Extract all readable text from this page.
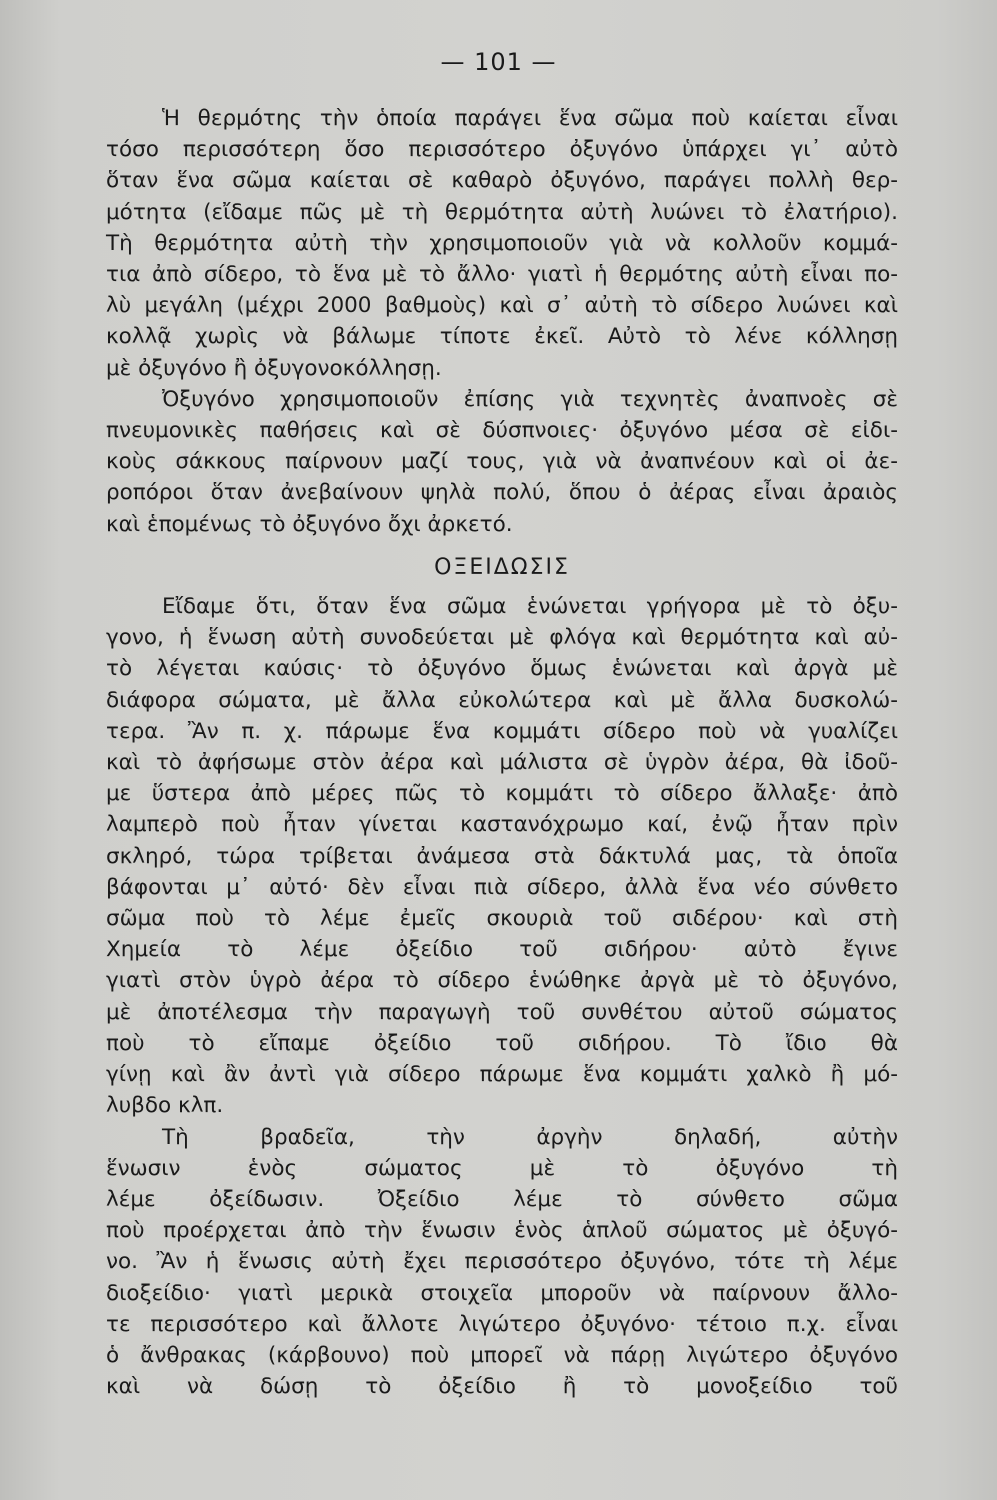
— 101 —

Ἡ θερμότης τὴν ὁποία παράγει ἕνα σῶμα ποὺ καίεται εἶναι
τόσο περισσότερη ὅσο περισσότερο ὀξυγόνο ὑπάρχει γι᾽ αὐτὸ
ὅταν ἕνα σῶμα καίεται σὲ καθαρὸ ὀξυγόνο, παράγει πολλὴ θερ-
μότητα (εἴδαμε πῶς μὲ τὴ θερμότητα αὐτὴ λυώνει τὸ ἐλατήριο).
Τὴ θερμότητα αὐτὴ τὴν χρησιμοποιοῦν γιὰ νὰ κολλοῦν κομμά-
τια ἀπὸ σίδερο, τὸ ἕνα μὲ τὸ ἄλλο· γιατὶ ἡ θερμότης αὐτὴ εἶναι πο-
λὺ μεγάλη (μέχρι 2000 βαθμοὺς) καὶ σ᾽ αὐτὴ τὸ σίδερο λυώνει καὶ
κολλᾷ χωρὶς νὰ βάλωμε τίποτε ἐκεῖ. Αὐτὸ τὸ λένε κόλλησῃ
μὲ ὀξυγόνο ἢ ὀξυγονοκόλλησῃ.

Ὀξυγόνο χρησιμοποιοῦν ἐπίσης γιὰ τεχνητὲς ἀναπνοὲς σὲ
πνευμονικὲς παθήσεις καὶ σὲ δύσπνοιες· ὀξυγόνο μέσα σὲ εἰδι-
κοὺς σάκκους παίρνουν μαζί τους, γιὰ νὰ ἀναπνέουν καὶ οἱ ἀε-
ροπόροι ὅταν ἀνεβαίνουν ψηλὰ πολύ, ὅπου ὁ ἀέρας εἶναι ἀραιὸς
καὶ ἑπομένως τὸ ὀξυγόνο ὄχι ἀρκετό.

ΟΞΕΙΔΩΣΙΣ

Εἴδαμε ὅτι, ὅταν ἕνα σῶμα ἑνώνεται γρήγορα μὲ τὸ ὀξυ-
γονο, ἡ ἕνωση αὐτὴ συνοδεύεται μὲ φλόγα καὶ θερμότητα καὶ αὐ-
τὸ λέγεται καύσις· τὸ ὀξυγόνο ὅμως ἑνώνεται καὶ ἀργὰ μὲ
διάφορα σώματα, μὲ ἄλλα εὐκολώτερα καὶ μὲ ἄλλα δυσκολώ-
τερα. Ἂν π. χ. πάρωμε ἕνα κομμάτι σίδερο ποὺ νὰ γυαλίζει
καὶ τὸ ἀφήσωμε στὸν ἀέρα καὶ μάλιστα σὲ ὑγρὸν ἀέρα, θὰ ἰδοῦ-
με ὕστερα ἀπὸ μέρες πῶς τὸ κομμάτι τὸ σίδερο ἄλλαξε· ἀπὸ
λαμπερὸ ποὺ ἦταν γίνεται καστανόχρωμο καί, ἐνῷ ἦταν πρὶν
σκληρό, τώρα τρίβεται ἀνάμεσα στὰ δάκτυλά μας, τὰ ὁποῖα
βάφονται μ᾽ αὐτό· δὲν εἶναι πιὰ σίδερο, ἀλλὰ ἕνα νέο σύνθετο
σῶμα ποὺ τὸ λέμε ἐμεῖς σκουριὰ τοῦ σιδέρου· καὶ στὴ
Χημεία τὸ λέμε ὀξείδιο τοῦ σιδήρου· αὐτὸ ἔγινε
γιατὶ στὸν ὑγρὸ ἀέρα τὸ σίδερο ἑνώθηκε ἀργὰ μὲ τὸ ὀξυγόνο,
μὲ ἀποτέλεσμα τὴν παραγωγὴ τοῦ συνθέτου αὐτοῦ σώματος
ποὺ τὸ εἴπαμε ὀξείδιο τοῦ σιδήρου. Τὸ ἴδιο θὰ
γίνῃ καὶ ἂν ἀντὶ γιὰ σίδερο πάρωμε ἕνα κομμάτι χαλκὸ ἢ μό-
λυβδο κλπ.

Τὴ βραδεῖα, τὴν ἀργὴν δηλαδή, αὐτὴν
ἕνωσιν ἑνὸς σώματος μὲ τὸ ὀξυγόνο τὴ
λέμε ὀξείδωσιν. Ὀξείδιο λέμε τὸ σύνθετο σῶμα
ποὺ προέρχεται ἀπὸ τὴν ἕνωσιν ἑνὸς ἁπλοῦ σώματος μὲ ὀξυγό-
νο. Ἂν ἡ ἕνωσις αὐτὴ ἔχει περισσότερο ὀξυγόνο, τότε τὴ λέμε
διοξείδιο· γιατὶ μερικὰ στοιχεῖα μποροῦν νὰ παίρνουν ἄλλο-
τε περισσότερο καὶ ἄλλοτε λιγώτερο ὀξυγόνο· τέτοιο π.χ. εἶναι
ὁ ἄνθρακας (κάρβουνο) ποὺ μπορεῖ νὰ πάρῃ λιγώτερο ὀξυγόνο
καὶ νὰ δώσῃ τὸ ὀξείδιο ἢ τὸ μονοξείδιο τοῦ
